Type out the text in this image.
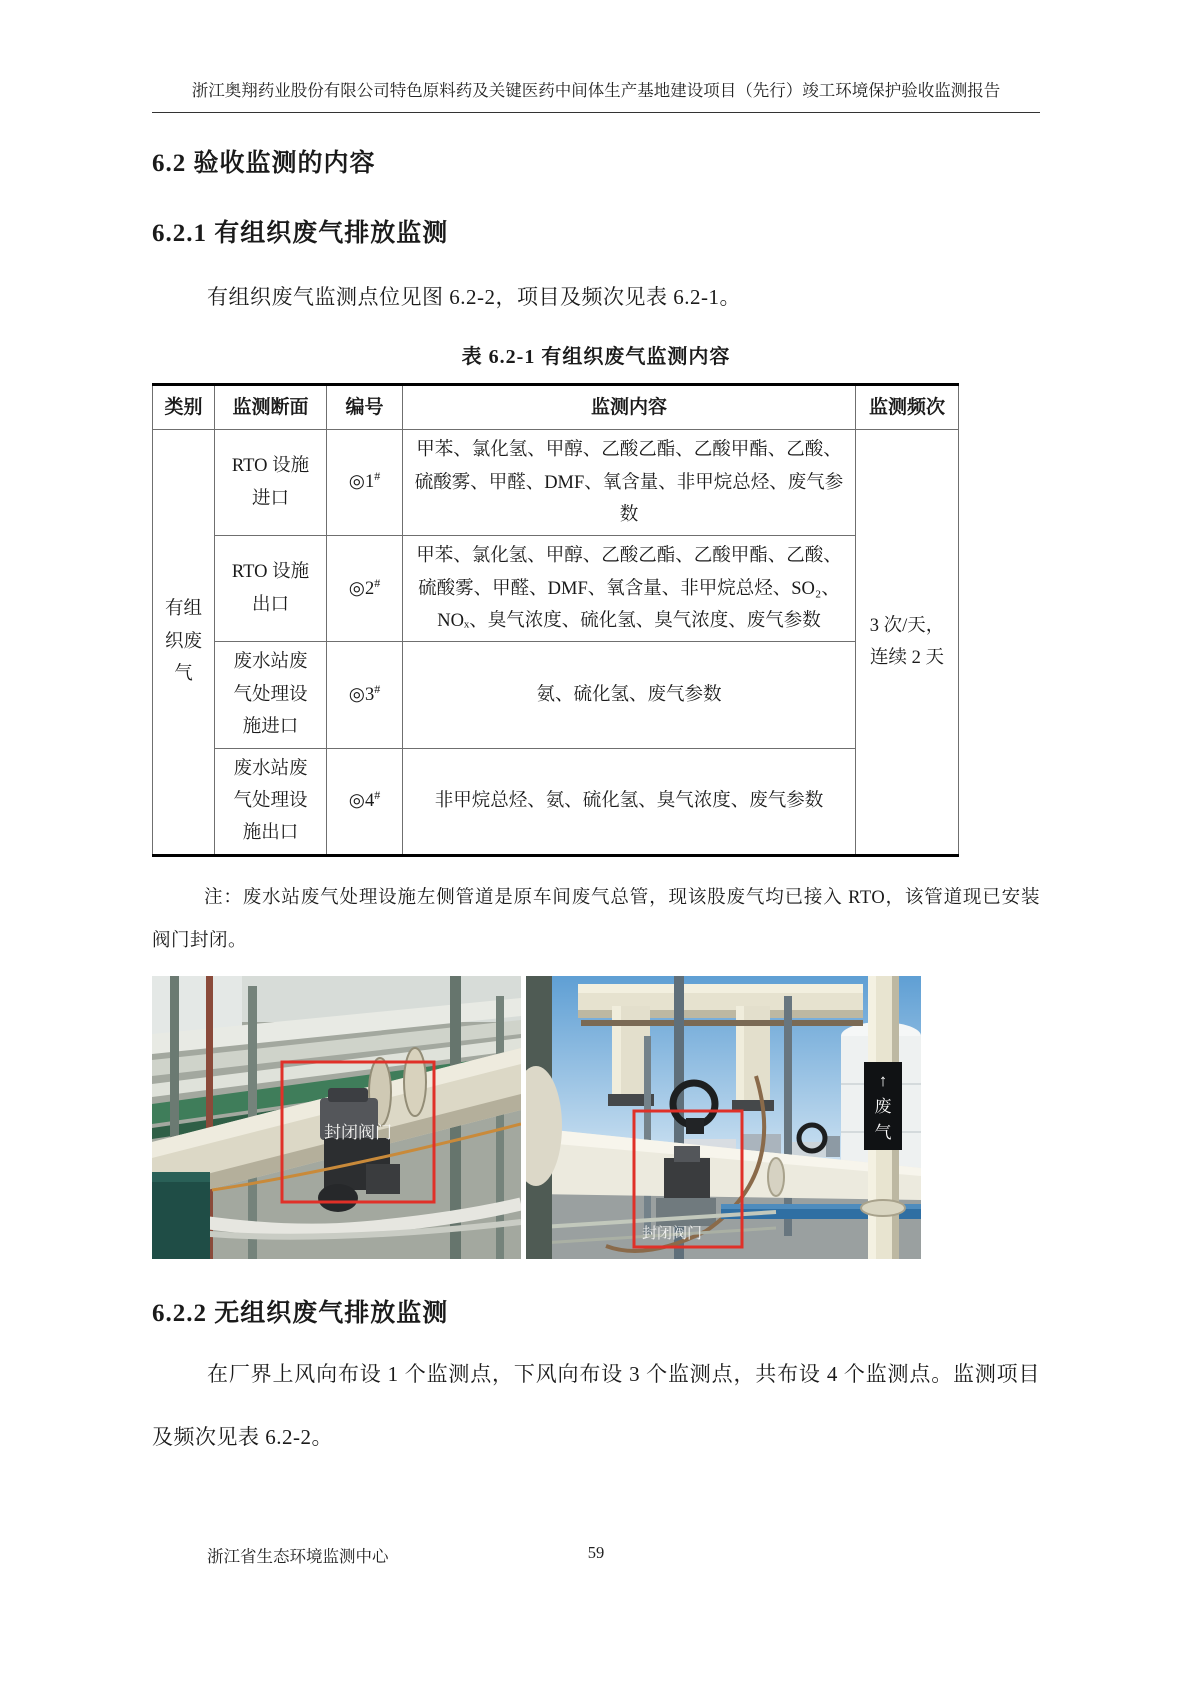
浙江奥翔药业股份有限公司特色原料药及关键医药中间体生产基地建设项目（先行）竣工环境保护验收监测报告
6.2 验收监测的内容
6.2.1 有组织废气排放监测

有组织废气监测点位见图 6.2-2，项目及频次见表 6.2-1。

表 6.2-1 有组织废气监测内容
类别	监测断面	编号	监测内容	监测频次
有组织废气	RTO 设施进口	◎1#	甲苯、氯化氢、甲醇、乙酸乙酯、乙酸甲酯、乙酸、硫酸雾、甲醛、DMF、氧含量、非甲烷总烃、废气参数	3 次/天，连续 2 天
	RTO 设施出口	◎2#	甲苯、氯化氢、甲醇、乙酸乙酯、乙酸甲酯、乙酸、硫酸雾、甲醛、DMF、氧含量、非甲烷总烃、SO₂、NOₓ、臭气浓度、硫化氢、臭气浓度、废气参数	
	废水站废气处理设施进口	◎3#	氨、硫化氢、废气参数	
	废水站废气处理设施出口	◎4#	非甲烷总烃、氨、硫化氢、臭气浓度、废气参数	

注：废水站废气处理设施左侧管道是原车间废气总管，现该股废气均已接入 RTO，该管道现已安装阀门封闭。

封闭阀门
↑
废
气
封闭阀门
6.2.2 无组织废气排放监测

在厂界上风向布设 1 个监测点，下风向布设 3 个监测点，共布设 4 个监测点。监测项目及频次见表 6.2-2。

59
浙江省生态环境监测中心
